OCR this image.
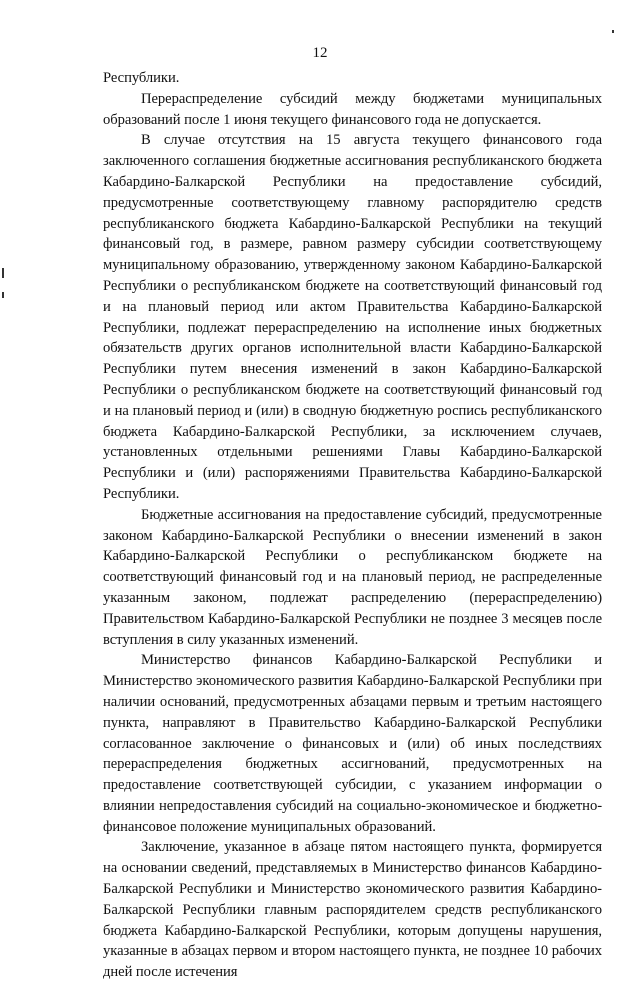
12

Республики.

Перераспределение субсидий между бюджетами муниципальных образований после 1 июня текущего финансового года не допускается.

В случае отсутствия на 15 августа текущего финансового года заключенного соглашения бюджетные ассигнования республиканского бюджета Кабардино-Балкарской Республики на предоставление субсидий, предусмотренные соответствующему главному распорядителю средств республиканского бюджета Кабардино-Балкарской Республики на текущий финансовый год, в размере, равном размеру субсидии соответствующему муниципальному образованию, утвержденному законом Кабардино-Балкарской Республики о республиканском бюджете на соответствующий финансовый год и на плановый период или актом Правительства Кабардино-Балкарской Республики, подлежат перераспределению на исполнение иных бюджетных обязательств других органов исполнительной власти Кабардино-Балкарской Республики путем внесения изменений в закон Кабардино-Балкарской Республики о республиканском бюджете на соответствующий финансовый год и на плановый период и (или) в сводную бюджетную роспись республиканского бюджета Кабардино-Балкарской Республики, за исключением случаев, установленных отдельными решениями Главы Кабардино-Балкарской Республики и (или) распоряжениями Правительства Кабардино-Балкарской Республики.

Бюджетные ассигнования на предоставление субсидий, предусмотренные законом Кабардино-Балкарской Республики о внесении изменений в закон Кабардино-Балкарской Республики о республиканском бюджете на соответствующий финансовый год и на плановый период, не распределенные указанным законом, подлежат распределению (перераспределению) Правительством Кабардино-Балкарской Республики не позднее 3 месяцев после вступления в силу указанных изменений.

Министерство финансов Кабардино-Балкарской Республики и Министерство экономического развития Кабардино-Балкарской Республики при наличии оснований, предусмотренных абзацами первым и третьим настоящего пункта, направляют в Правительство Кабардино-Балкарской Республики согласованное заключение о финансовых и (или) об иных последствиях перераспределения бюджетных ассигнований, предусмотренных на предоставление соответствующей субсидии, с указанием информации о влиянии непредоставления субсидий на социально-экономическое и бюджетно-финансовое положение муниципальных образований.

Заключение, указанное в абзаце пятом настоящего пункта, формируется на основании сведений, представляемых в Министерство финансов Кабардино-Балкарской Республики и Министерство экономического развития Кабардино-Балкарской Республики главным распорядителем средств республиканского бюджета Кабардино-Балкарской Республики, которым допущены нарушения, указанные в абзацах первом и втором настоящего пункта, не позднее 10 рабочих дней после истечения
